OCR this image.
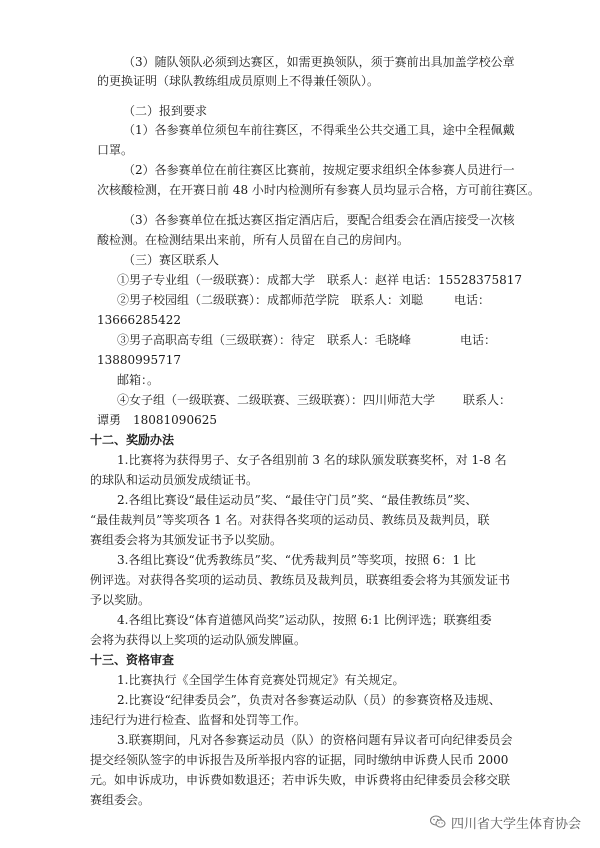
（3）随队领队必须到达赛区，如需更换领队，须于赛前出具加盖学校公章
的更换证明（球队教练组成员原则上不得兼任领队）。
（二）报到要求
（1）各参赛单位须包车前往赛区，不得乘坐公共交通工具，途中全程佩戴
口罩。
（2）各参赛单位在前往赛区比赛前，按规定要求组织全体参赛人员进行一
次核酸检测，在开赛日前 48 小时内检测所有参赛人员均显示合格，方可前往赛区。
（3）各参赛单位在抵达赛区指定酒店后，要配合组委会在酒店接受一次核
酸检测。在检测结果出来前，所有人员留在自己的房间内。
（三）赛区联系人
①男子专业组（一级联赛）：成都大学　联系人：赵祥 电话：15528375817
②男子校园组（二级联赛）：成都师范学院　联系人：刘聪	电话：
13666285422
③男子高职高专组（三级联赛）：待定　联系人：毛晓峰	电话：
13880995717
邮箱：。
④女子组（一级联赛、二级联赛、三级联赛）：四川师范大学 联系人：
谭勇　18081090625
十二、奖励办法
1.比赛将为获得男子、女子各组别前 3 名的球队颁发联赛奖杯，对 1-8 名
的球队和运动员颁发成绩证书。
2.各组比赛设“最佳运动员”奖、“最佳守门员”奖、“最佳教练员”奖、
“最佳裁判员”等奖项各 1 名。对获得各奖项的运动员、教练员及裁判员，联
赛组委会将为其颁发证书予以奖励。
3.各组比赛设“优秀教练员”奖、“优秀裁判员”等奖项，按照 6：1 比
例评选。对获得各奖项的运动员、教练员及裁判员，联赛组委会将为其颁发证书
予以奖励。
4.各组比赛设“体育道德风尚奖”运动队，按照 6:1 比例评选；联赛组委
会将为获得以上奖项的运动队颁发牌匾。
十三、资格审查
1.比赛执行《全国学生体育竞赛处罚规定》有关规定。
2.比赛设“纪律委员会”，负责对各参赛运动队（员）的参赛资格及违规、
违纪行为进行检查、监督和处罚等工作。
3.联赛期间，凡对各参赛运动员（队）的资格问题有异议者可向纪律委员会
提交经领队签字的申诉报告及所举报内容的证据，同时缴纳申诉费人民币 2000
元。如申诉成功，申诉费如数退还；若申诉失败，申诉费将由纪律委员会移交联
赛组委会。
四川省大学生体育协会
